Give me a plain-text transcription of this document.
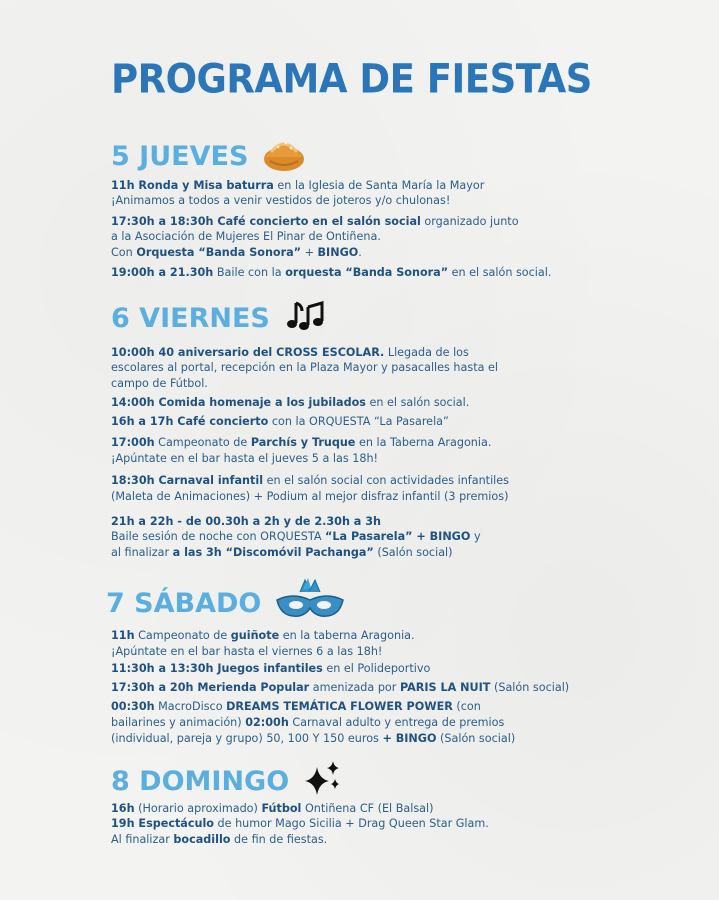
PROGRAMA DE FIESTAS
5 JUEVES
6 VIERNES
7 SÁBADO
8 DOMINGO
11h Ronda y Misa baturra en la Iglesia de Santa María la Mayor
¡Animamos a todos a venir vestidos de joteros y/o chulonas!
17:30h a 18:30h Café concierto en el salón social organizado junto
a la Asociación de Mujeres El Pinar de Ontiñena.
Con Orquesta “Banda Sonora” + BINGO.
19:00h a 21.30h Baile con la orquesta “Banda Sonora” en el salón social.
10:00h 40 aniversario del CROSS ESCOLAR. Llegada de los
escolares al portal, recepción en la Plaza Mayor y pasacalles hasta el
campo de Fútbol.
14:00h Comida homenaje a los jubilados en el salón social.
16h a 17h Café concierto con la ORQUESTA “La Pasarela”
17:00h Campeonato de Parchís y Truque en la Taberna Aragonia.
¡Apúntate en el bar hasta el jueves 5 a las 18h!
18:30h Carnaval infantil en el salón social con actividades infantiles
(Maleta de Animaciones) + Podium al mejor disfraz infantil (3 premios)
21h a 22h - de 00.30h a 2h y de 2.30h a 3h
Baile sesión de noche con ORQUESTA “La Pasarela” + BINGO y
al finalizar a las 3h “Discomóvil Pachanga” (Salón social)
11h Campeonato de guiñote en la taberna Aragonia.
¡Apúntate en el bar hasta el viernes 6 a las 18h!
11:30h a 13:30h Juegos infantiles en el Polideportivo
17:30h a 20h Merienda Popular amenizada por PARIS LA NUIT (Salón social)
00:30h MacroDisco DREAMS TEMÁTICA FLOWER POWER (con
bailarines y animación) 02:00h Carnaval adulto y entrega de premios
(individual, pareja y grupo) 50, 100 Y 150 euros + BINGO (Salón social)
16h (Horario aproximado) Fútbol Ontiñena CF (El Balsal)
19h Espectáculo de humor Mago Sicilia + Drag Queen Star Glam.
Al finalizar bocadillo de fin de fiestas.
